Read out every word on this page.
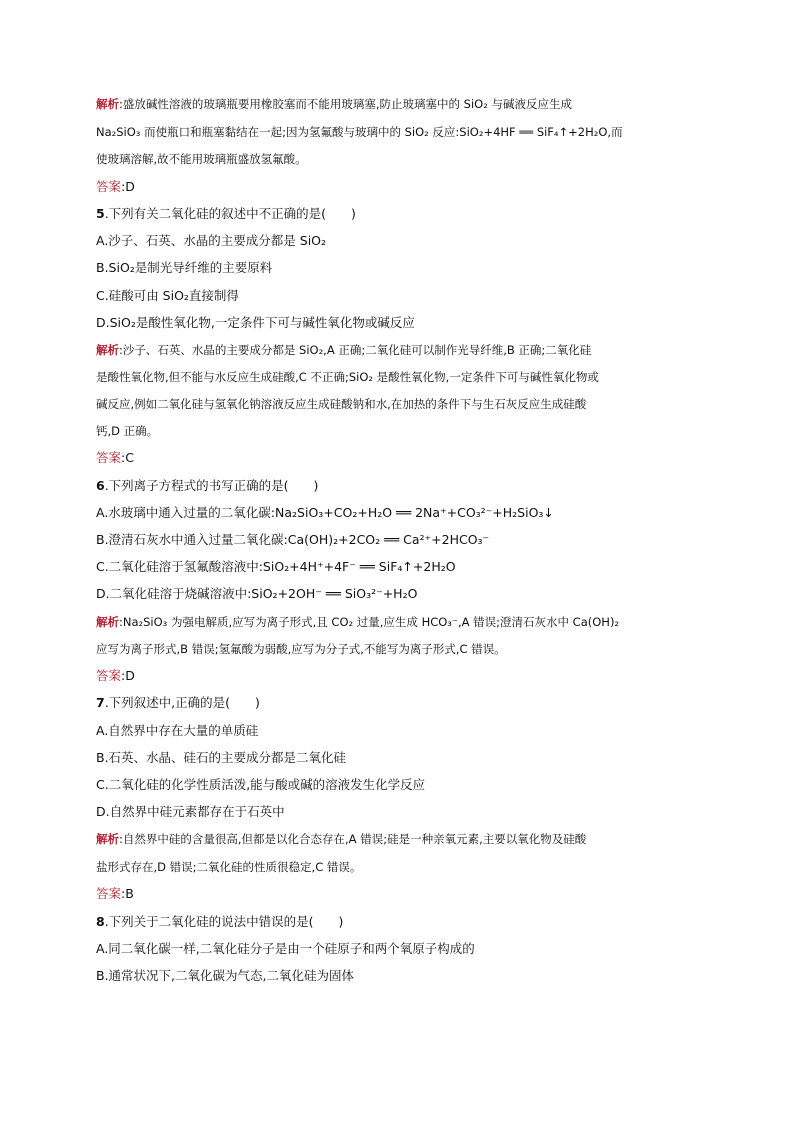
解析:盛放碱性溶液的玻璃瓶要用橡胶塞而不能用玻璃塞,防止玻璃塞中的 SiO₂ 与碱液反应生成
Na₂SiO₃ 而使瓶口和瓶塞黏结在一起;因为氢氟酸与玻璃中的 SiO₂ 反应:SiO₂+4HF ══ SiF₄↑+2H₂O,而
使玻璃溶解,故不能用玻璃瓶盛放氢氟酸。
答案:D
5.下列有关二氧化硅的叙述中不正确的是(　　)
A.沙子、石英、水晶的主要成分都是 SiO₂
B.SiO₂是制光导纤维的主要原料
C.硅酸可由 SiO₂直接制得
D.SiO₂是酸性氧化物,一定条件下可与碱性氧化物或碱反应
解析:沙子、石英、水晶的主要成分都是 SiO₂,A 正确;二氧化硅可以制作光导纤维,B 正确;二氧化硅
是酸性氧化物,但不能与水反应生成硅酸,C 不正确;SiO₂ 是酸性氧化物,一定条件下可与碱性氧化物或
碱反应,例如二氧化硅与氢氧化钠溶液反应生成硅酸钠和水,在加热的条件下与生石灰反应生成硅酸
钙,D 正确。
答案:C
6.下列离子方程式的书写正确的是(　　)
A.水玻璃中通入过量的二氧化碳:Na₂SiO₃+CO₂+H₂O ══ 2Na⁺+CO₃²⁻+H₂SiO₃↓
B.澄清石灰水中通入过量二氧化碳:Ca(OH)₂+2CO₂ ══ Ca²⁺+2HCO₃⁻
C.二氧化硅溶于氢氟酸溶液中:SiO₂+4H⁺+4F⁻ ══ SiF₄↑+2H₂O
D.二氧化硅溶于烧碱溶液中:SiO₂+2OH⁻ ══ SiO₃²⁻+H₂O
解析:Na₂SiO₃ 为强电解质,应写为离子形式,且 CO₂ 过量,应生成 HCO₃⁻,A 错误;澄清石灰水中 Ca(OH)₂
应写为离子形式,B 错误;氢氟酸为弱酸,应写为分子式,不能写为离子形式,C 错误。
答案:D
7.下列叙述中,正确的是(　　)
A.自然界中存在大量的单质硅
B.石英、水晶、硅石的主要成分都是二氧化硅
C.二氧化硅的化学性质活泼,能与酸或碱的溶液发生化学反应
D.自然界中硅元素都存在于石英中
解析:自然界中硅的含量很高,但都是以化合态存在,A 错误;硅是一种亲氧元素,主要以氧化物及硅酸
盐形式存在,D 错误;二氧化硅的性质很稳定,C 错误。
答案:B
8.下列关于二氧化硅的说法中错误的是(　　)
A.同二氧化碳一样,二氧化硅分子是由一个硅原子和两个氧原子构成的
B.通常状况下,二氧化碳为气态,二氧化硅为固体
